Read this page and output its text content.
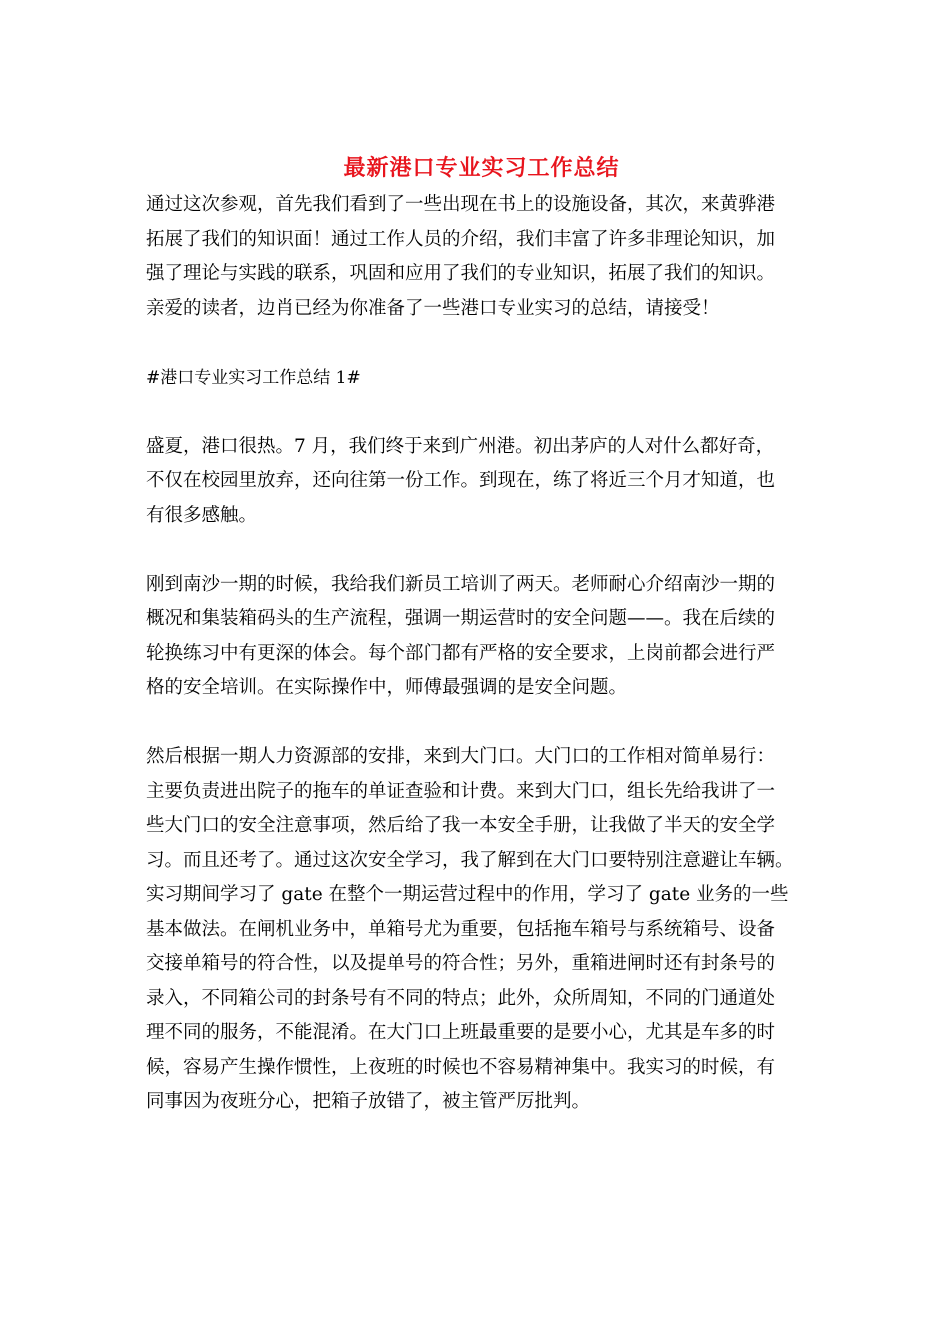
最新港口专业实习工作总结
通过这次参观，首先我们看到了一些出现在书上的设施设备，其次，来黄骅港
拓展了我们的知识面！通过工作人员的介绍，我们丰富了许多非理论知识，加
强了理论与实践的联系，巩固和应用了我们的专业知识，拓展了我们的知识。
亲爱的读者，边肖已经为你准备了一些港口专业实习的总结，请接受！
#港口专业实习工作总结 1#
盛夏，港口很热。7 月，我们终于来到广州港。初出茅庐的人对什么都好奇，
不仅在校园里放弃，还向往第一份工作。到现在，练了将近三个月才知道，也
有很多感触。
刚到南沙一期的时候，我给我们新员工培训了两天。老师耐心介绍南沙一期的
概况和集装箱码头的生产流程，强调一期运营时的安全问题——。我在后续的
轮换练习中有更深的体会。每个部门都有严格的安全要求，上岗前都会进行严
格的安全培训。在实际操作中，师傅最强调的是安全问题。
然后根据一期人力资源部的安排，来到大门口。大门口的工作相对简单易行：
主要负责进出院子的拖车的单证查验和计费。来到大门口，组长先给我讲了一
些大门口的安全注意事项，然后给了我一本安全手册，让我做了半天的安全学
习。而且还考了。通过这次安全学习，我了解到在大门口要特别注意避让车辆。
实习期间学习了 gate 在整个一期运营过程中的作用，学习了 gate 业务的一些
基本做法。在闸机业务中，单箱号尤为重要，包括拖车箱号与系统箱号、设备
交接单箱号的符合性，以及提单号的符合性；另外，重箱进闸时还有封条号的
录入，不同箱公司的封条号有不同的特点；此外，众所周知，不同的门通道处
理不同的服务，不能混淆。在大门口上班最重要的是要小心，尤其是车多的时
候，容易产生操作惯性，上夜班的时候也不容易精神集中。我实习的时候，有
同事因为夜班分心，把箱子放错了，被主管严厉批判。
